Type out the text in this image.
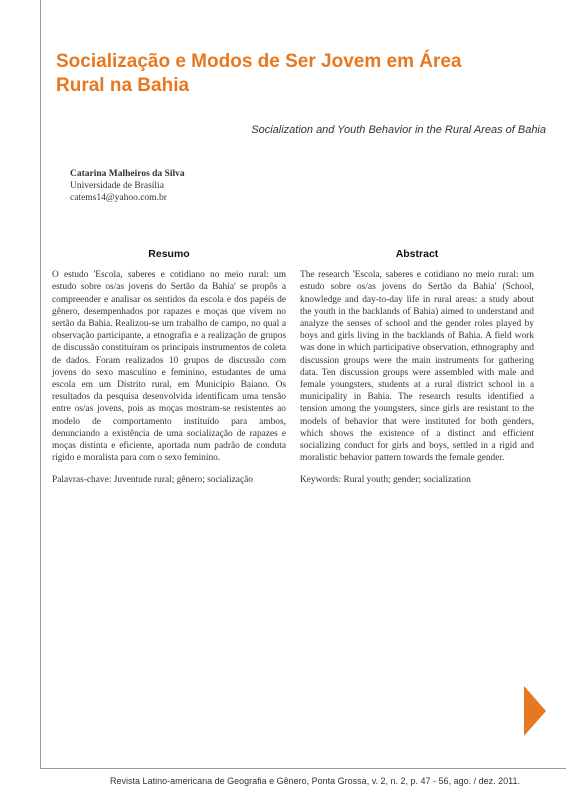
Socialização e Modos de Ser Jovem em Área Rural na Bahia
Socialization and Youth Behavior in the Rural Areas of Bahia
Catarina Malheiros da Silva
Universidade de Brasília
catems14@yahoo.com.br
Resumo

O estudo 'Escola, saberes e cotidiano no meio rural: um estudo sobre os/as jovens do Sertão da Bahia' se propôs a compreender e analisar os sentidos da escola e dos papéis de gênero, desempenhados por rapazes e moças que vivem no sertão da Bahia. Realizou-se um trabalho de campo, no qual a observação participante, a etnografia e a realização de grupos de discussão constituíram os principais instrumentos de coleta de dados. Foram realizados 10 grupos de discussão com jovens do sexo masculino e feminino, estudantes de uma escola em um Distrito rural, em Município Baiano. Os resultados da pesquisa desenvolvida identificam uma tensão entre os/as jovens, pois as moças mostram-se resistentes ao modelo de comportamento instituído para ambos, denunciando a existência de uma socialização de rapazes e moças distinta e eficiente, aportada num padrão de conduta rígido e moralista para com o sexo feminino.

Palavras-chave: Juventude rural; gênero; socialização

Abstract

The research 'Escola, saberes e cotidiano no meio rural: um estudo sobre os/as jovens do Sertão da Bahia' (School, knowledge and day-to-day life in rural areas: a study about the youth in the backlands of Bahia) aimed to understand and analyze the senses of school and the gender roles played by boys and girls living in the backlands of Bahia. A field work was done in which participative observation, ethnography and discussion groups were the main instruments for gathering data. Ten discussion groups were assembled with male and female youngsters, students at a rural district school in a municipality in Bahia. The research results identified a tension among the youngsters, since girls are resistant to the models of behavior that were instituted for both genders, which shows the existence of a distinct and efficient socializing conduct for girls and boys, settled in a rigid and moralistic behavior pattern towards the female gender.

Keywords: Rural youth; gender; socialization

Revista Latino-americana de Geografia e Gênero, Ponta Grossa, v. 2, n. 2, p. 47 - 56, ago. / dez. 2011.
